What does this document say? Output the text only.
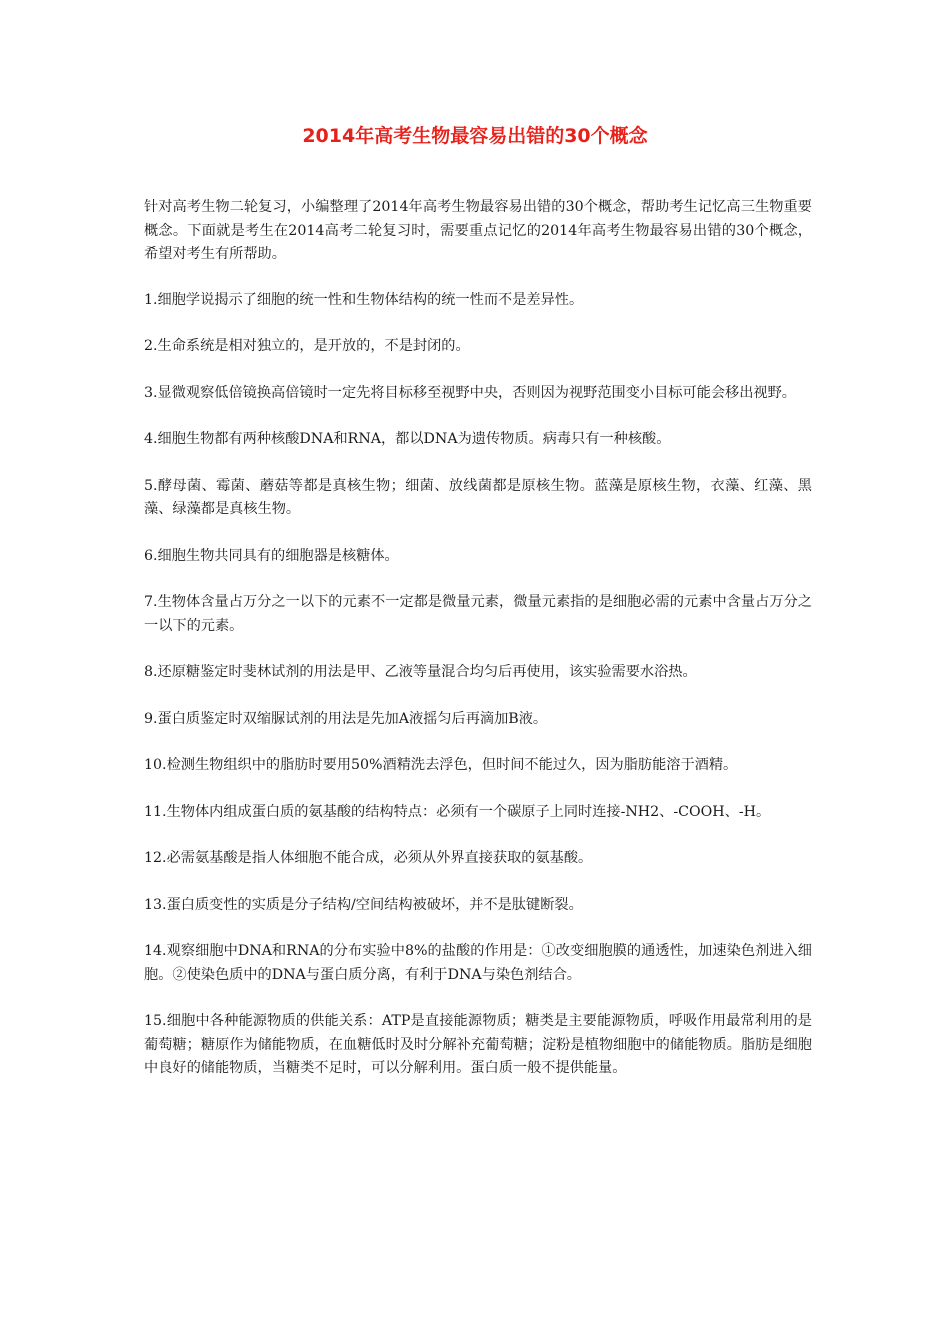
2014年高考生物最容易出错的30个概念

针对高考生物二轮复习，小编整理了2014年高考生物最容易出错的30个概念，帮助考生记忆高三生物重要概念。下面就是考生在2014高考二轮复习时，需要重点记忆的2014年高考生物最容易出错的30个概念，希望对考生有所帮助。

1.细胞学说揭示了细胞的统一性和生物体结构的统一性而不是差异性。

2.生命系统是相对独立的，是开放的，不是封闭的。

3.显微观察低倍镜换高倍镜时一定先将目标移至视野中央，否则因为视野范围变小目标可能会移出视野。

4.细胞生物都有两种核酸DNA和RNA，都以DNA为遗传物质。病毒只有一种核酸。

5.酵母菌、霉菌、蘑菇等都是真核生物；细菌、放线菌都是原核生物。蓝藻是原核生物，衣藻、红藻、黑藻、绿藻都是真核生物。

6.细胞生物共同具有的细胞器是核糖体。

7.生物体含量占万分之一以下的元素不一定都是微量元素，微量元素指的是细胞必需的元素中含量占万分之一以下的元素。

8.还原糖鉴定时斐林试剂的用法是甲、乙液等量混合均匀后再使用，该实验需要水浴热。

9.蛋白质鉴定时双缩脲试剂的用法是先加A液摇匀后再滴加B液。

10.检测生物组织中的脂肪时要用50%酒精洗去浮色，但时间不能过久，因为脂肪能溶于酒精。

11.生物体内组成蛋白质的氨基酸的结构特点：必须有一个碳原子上同时连接-NH2、-COOH、-H。

12.必需氨基酸是指人体细胞不能合成，必须从外界直接获取的氨基酸。

13.蛋白质变性的实质是分子结构/空间结构被破坏，并不是肽键断裂。

14.观察细胞中DNA和RNA的分布实验中8%的盐酸的作用是：①改变细胞膜的通透性，加速染色剂进入细胞。②使染色质中的DNA与蛋白质分离，有利于DNA与染色剂结合。

15.细胞中各种能源物质的供能关系：ATP是直接能源物质；糖类是主要能源物质，呼吸作用最常利用的是葡萄糖；糖原作为储能物质，在血糖低时及时分解补充葡萄糖；淀粉是植物细胞中的储能物质。脂肪是细胞中良好的储能物质，当糖类不足时，可以分解利用。蛋白质一般不提供能量。
